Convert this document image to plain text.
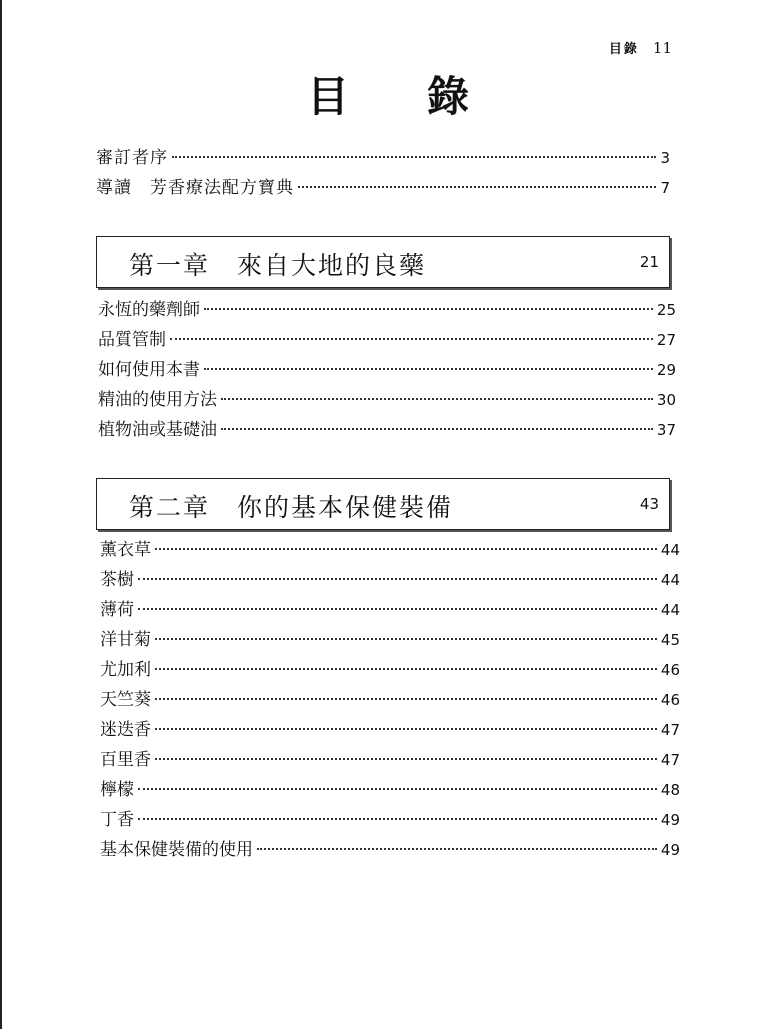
目錄 11
目錄
審訂者序	3
導讀　芳香療法配方寶典	7
第一章　來自大地的良藥	21
永恆的藥劑師	25
品質管制	27
如何使用本書	29
精油的使用方法	30
植物油或基礎油	37
第二章　你的基本保健裝備	43
薰衣草	44
茶樹	44
薄荷	44
洋甘菊	45
尤加利	46
天竺葵	46
迷迭香	47
百里香	47
檸檬	48
丁香	49
基本保健裝備的使用	49
